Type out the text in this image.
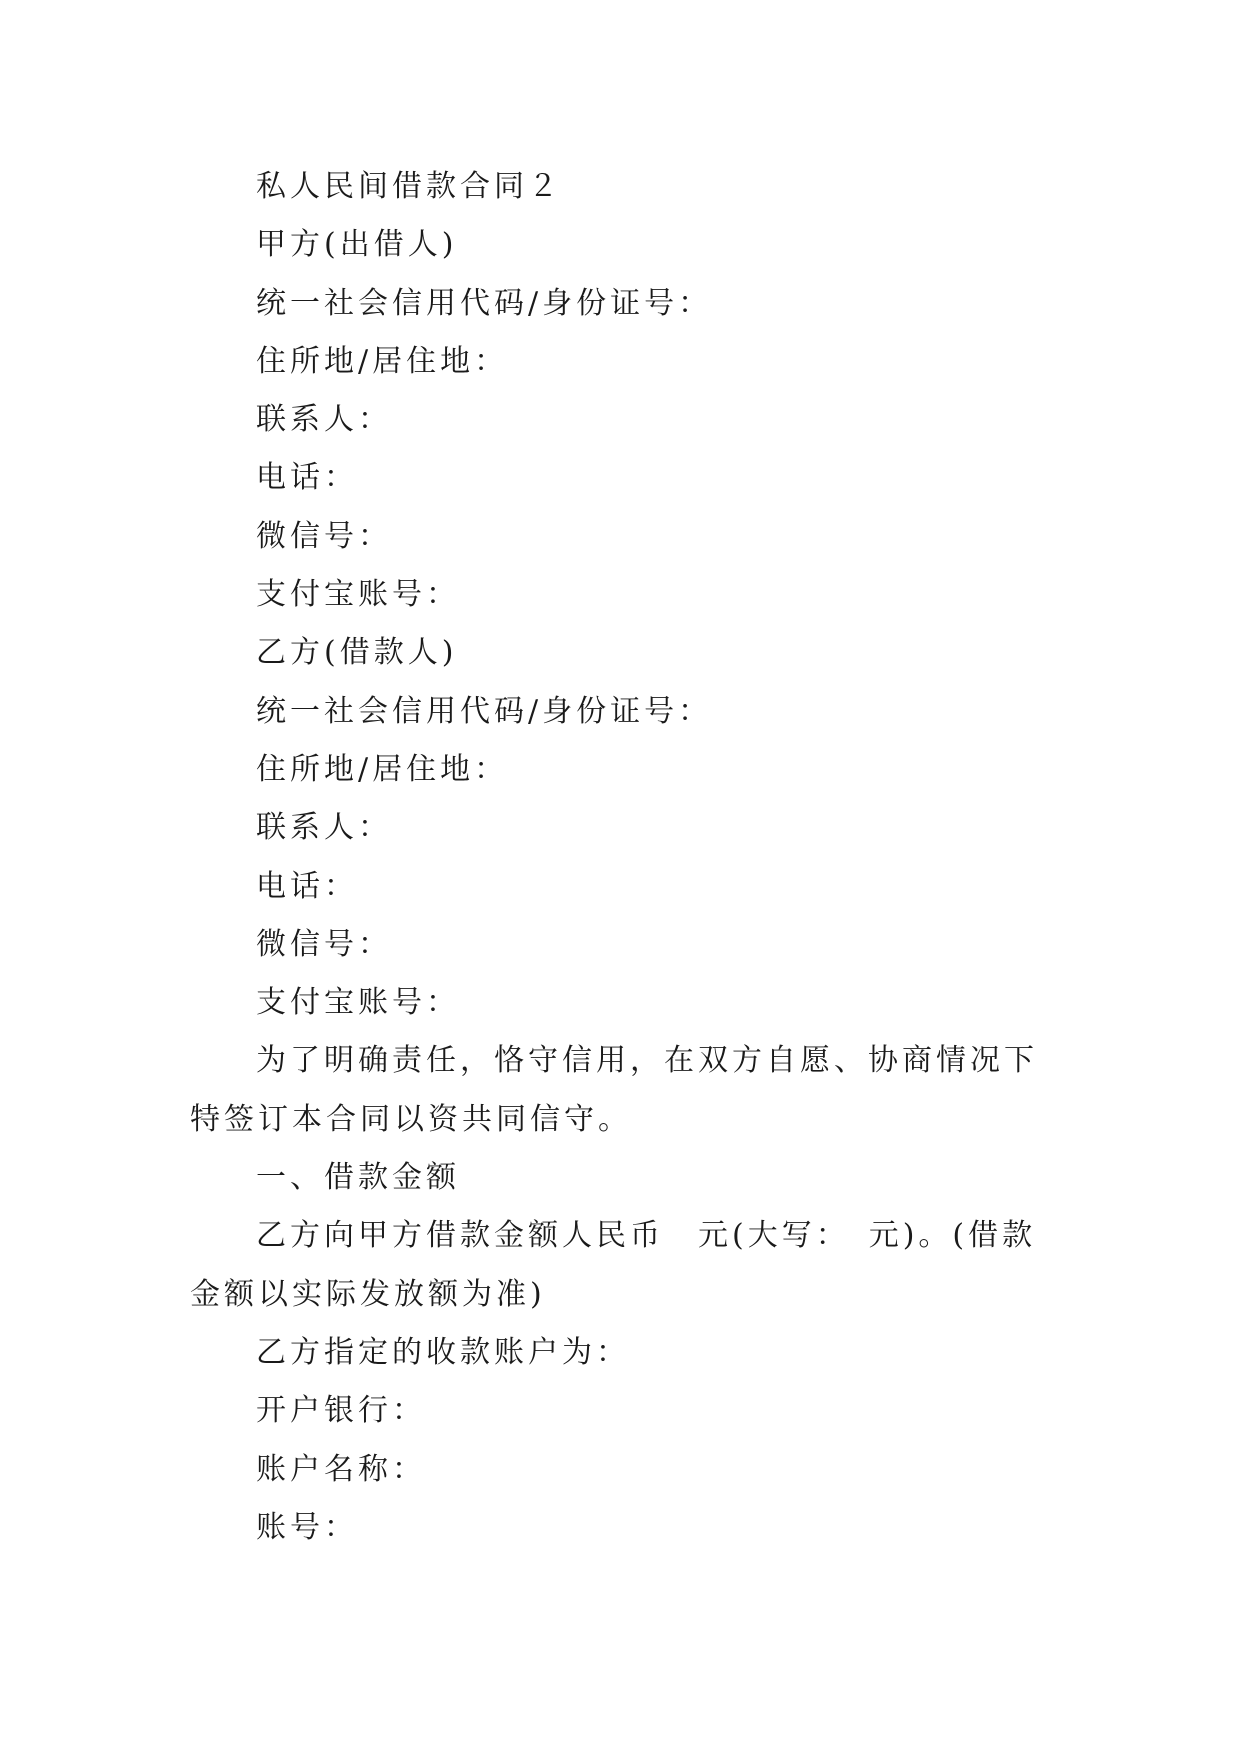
私人民间借款合同２

甲方(出借人)

统一社会信用代码/身份证号：

住所地/居住地：

联系人：

电话：

微信号：

支付宝账号：

乙方(借款人)

统一社会信用代码/身份证号：

住所地/居住地：

联系人：

电话：

微信号：

支付宝账号：

为了明确责任，恪守信用，在双方自愿、协商情况下特签订本合同以资共同信守。

一、借款金额

乙方向甲方借款金额人民币　元(大写：　元)。(借款金额以实际发放额为准)

乙方指定的收款账户为：

开户银行：

账户名称：

账号：
